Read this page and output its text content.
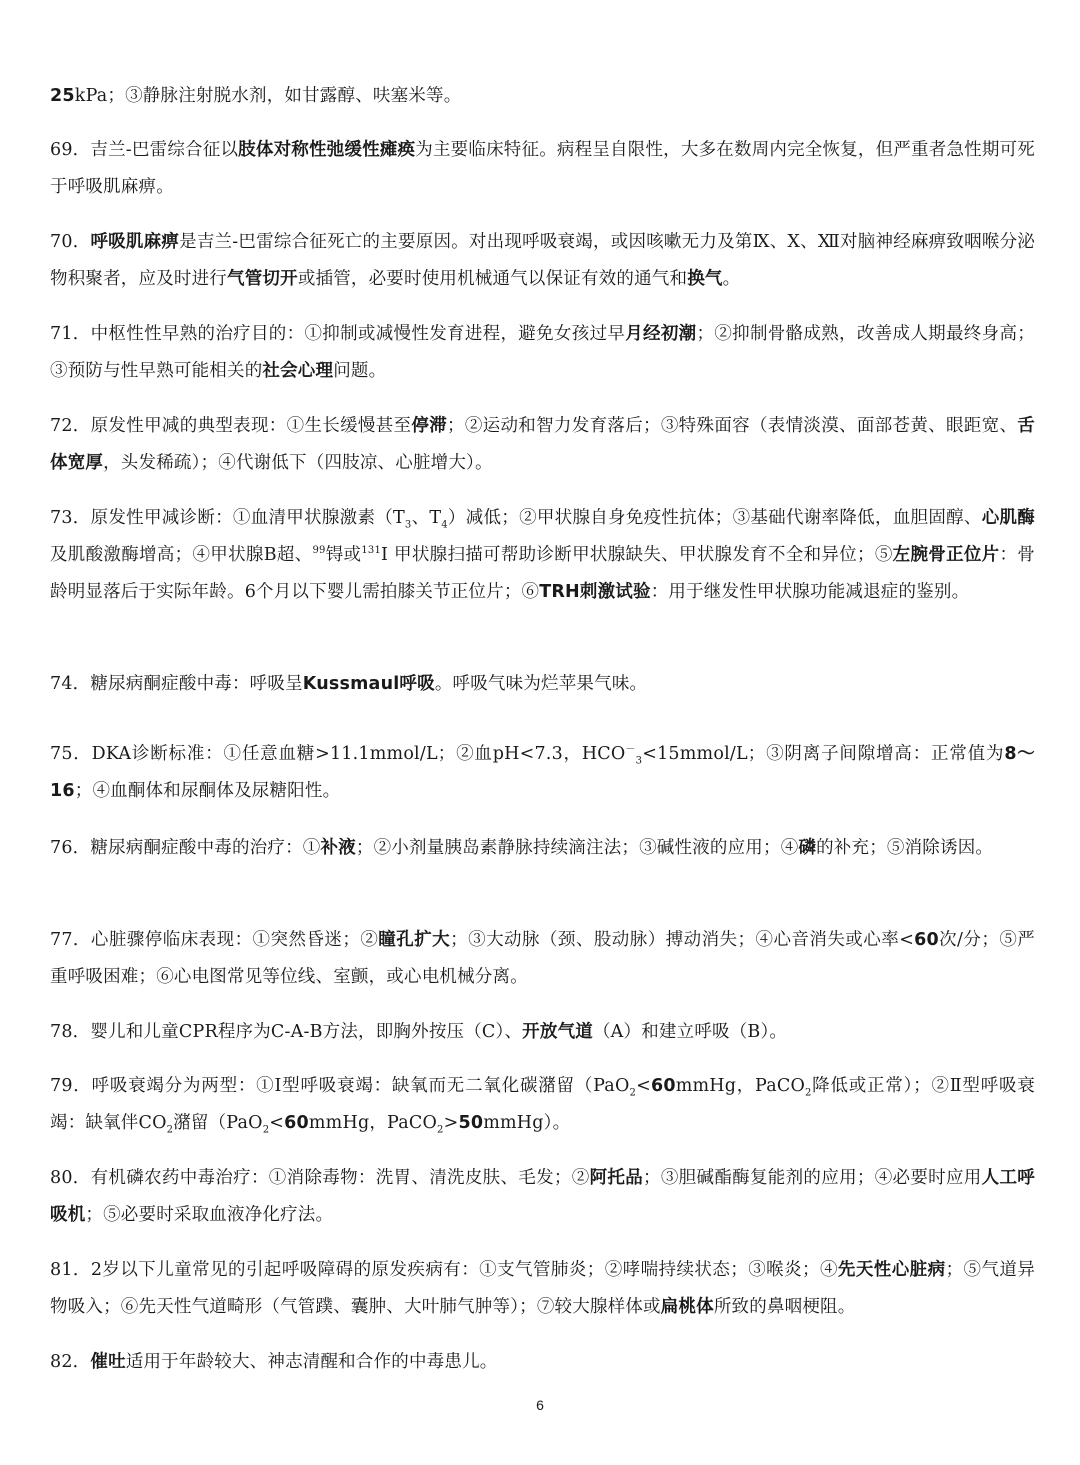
25kPa；③静脉注射脱水剂，如甘露醇、呋塞米等。

69．吉兰-巴雷综合征以肢体对称性弛缓性瘫痪为主要临床特征。病程呈自限性，大多在数周内完全恢复，但严重者急性期可死于呼吸肌麻痹。

70．呼吸肌麻痹是吉兰-巴雷综合征死亡的主要原因。对出现呼吸衰竭，或因咳嗽无力及第Ⅸ、Ⅹ、Ⅻ对脑神经麻痹致咽喉分泌物积聚者，应及时进行气管切开或插管，必要时使用机械通气以保证有效的通气和换气。

71．中枢性性早熟的治疗目的：①抑制或减慢性发育进程，避免女孩过早月经初潮；②抑制骨骼成熟，改善成人期最终身高；③预防与性早熟可能相关的社会心理问题。

72．原发性甲减的典型表现：①生长缓慢甚至停滞；②运动和智力发育落后；③特殊面容（表情淡漠、面部苍黄、眼距宽、舌体宽厚，头发稀疏）；④代谢低下（四肢凉、心脏增大）。

73．原发性甲减诊断：①血清甲状腺激素（$T_3$、$T_4$）减低；②甲状腺自身免疫性抗体；③基础代谢率降低，血胆固醇、心肌酶及肌酸激酶增高；④甲状腺B超、$^{99}$锝或$^{131}$I 甲状腺扫描可帮助诊断甲状腺缺失、甲状腺发育不全和异位；⑤左腕骨正位片：骨龄明显落后于实际年龄。6个月以下婴儿需拍膝关节正位片；⑥TRH刺激试验：用于继发性甲状腺功能减退症的鉴别。

74．糖尿病酮症酸中毒：呼吸呈Kussmaul呼吸。呼吸气味为烂苹果气味。

75．DKA诊断标准：①任意血糖>11.1mmol/L；②血pH<7.3，$HCO^-_3<15mmol/L$；③阴离子间隙增高：正常值为8～16；④血酮体和尿酮体及尿糖阳性。

76．糖尿病酮症酸中毒的治疗：①补液；②小剂量胰岛素静脉持续滴注法；③碱性液的应用；④磷的补充；⑤消除诱因。

77．心脏骤停临床表现：①突然昏迷；②瞳孔扩大；③大动脉（颈、股动脉）搏动消失；④心音消失或心率<60次/分；⑤严重呼吸困难；⑥心电图常见等位线、室颤，或心电机械分离。

78．婴儿和儿童CPR程序为C-A-B方法，即胸外按压（C）、开放气道（A）和建立呼吸（B）。

79．呼吸衰竭分为两型：①Ⅰ型呼吸衰竭：缺氧而无二氧化碳潴留（PaO$_2$<60mmHg，PaCO$_2$降低或正常）；②Ⅱ型呼吸衰竭：缺氧伴$CO_2$潴留（PaO$_2$<60mmHg，PaCO$_2$>50mmHg）。

80．有机磷农药中毒治疗：①消除毒物：洗胃、清洗皮肤、毛发；②阿托品；③胆碱酯酶复能剂的应用；④必要时应用人工呼吸机；⑤必要时采取血液净化疗法。

81．2岁以下儿童常见的引起呼吸障碍的原发疾病有：①支气管肺炎；②哮喘持续状态；③喉炎；④先天性心脏病；⑤气道异物吸入；⑥先天性气道畸形（气管蹼、囊肿、大叶肺气肿等）；⑦较大腺样体或扁桃体所致的鼻咽梗阻。

82．催吐适用于年龄较大、神志清醒和合作的中毒患儿。

6
